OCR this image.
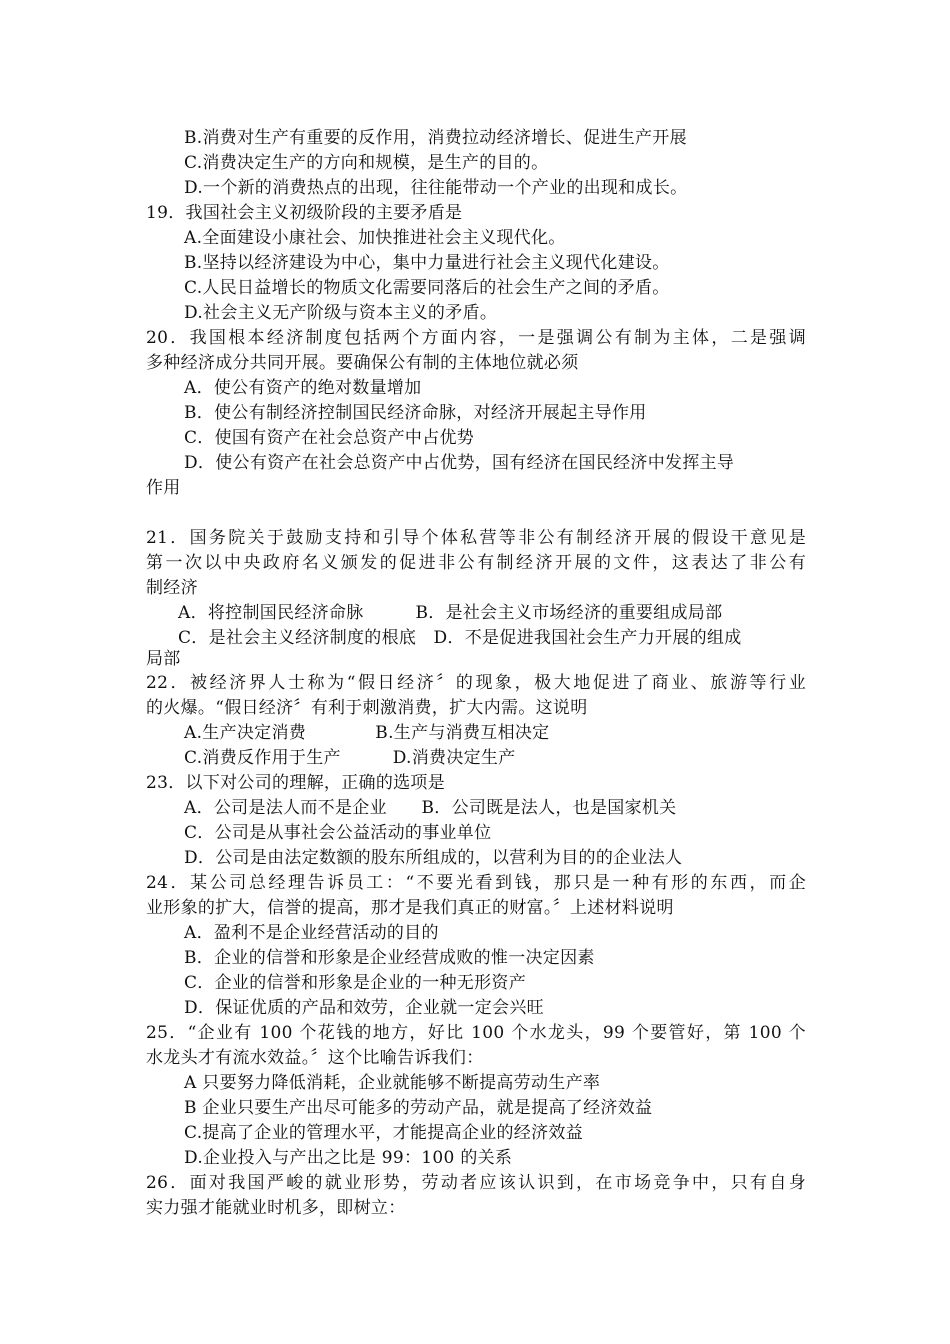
B.消费对生产有重要的反作用，消费拉动经济增长、促进生产开展
C.消费决定生产的方向和规模，是生产的目的。
D.一个新的消费热点的出现，往往能带动一个产业的出现和成长。
19．我国社会主义初级阶段的主要矛盾是
A.全面建设小康社会、加快推进社会主义现代化。
B.坚持以经济建设为中心，集中力量进行社会主义现代化建设。
C.人民日益增长的物质文化需要同落后的社会生产之间的矛盾。
D.社会主义无产阶级与资本主义的矛盾。
20．我国根本经济制度包括两个方面内容，一是强调公有制为主体，二是强调
多种经济成分共同开展。要确保公有制的主体地位就必须
A．使公有资产的绝对数量增加
B．使公有制经济控制国民经济命脉，对经济开展起主导作用
C．使国有资产在社会总资产中占优势
D．使公有资产在社会总资产中占优势，国有经济在国民经济中发挥主导
作用
21．国务院关于鼓励支持和引导个体私营等非公有制经济开展的假设干意见是
第一次以中央政府名义颁发的促进非公有制经济开展的文件，这表达了非公有
制经济
A．将控制国民经济命脉　　　B．是社会主义市场经济的重要组成局部
C．是社会主义经济制度的根底　D．不是促进我国社会生产力开展的组成
局部
22．被经济界人士称为“假日经济〞的现象，极大地促进了商业、旅游等行业
的火爆。“假日经济〞有利于刺激消费，扩大内需。这说明
A.生产决定消费　　　　B.生产与消费互相决定
C.消费反作用于生产　　　D.消费决定生产
23．以下对公司的理解，正确的选项是
A．公司是法人而不是企业　　B．公司既是法人，也是国家机关
C．公司是从事社会公益活动的事业单位
D．公司是由法定数额的股东所组成的，以营利为目的的企业法人
24．某公司总经理告诉员工：“不要光看到钱，那只是一种有形的东西，而企
业形象的扩大，信誉的提高，那才是我们真正的财富。〞上述材料说明
A．盈利不是企业经营活动的目的
B．企业的信誉和形象是企业经营成败的惟一决定因素
C．企业的信誉和形象是企业的一种无形资产
D．保证优质的产品和效劳，企业就一定会兴旺
25．“企业有 100 个花钱的地方，好比 100 个水龙头，99 个要管好，第 100 个
水龙头才有流水效益。〞这个比喻告诉我们：
A 只要努力降低消耗，企业就能够不断提高劳动生产率
B 企业只要生产出尽可能多的劳动产品，就是提高了经济效益
C.提高了企业的管理水平，才能提高企业的经济效益
D.企业投入与产出之比是 99：100 的关系
26．面对我国严峻的就业形势，劳动者应该认识到，在市场竞争中，只有自身
实力强才能就业时机多，即树立：
